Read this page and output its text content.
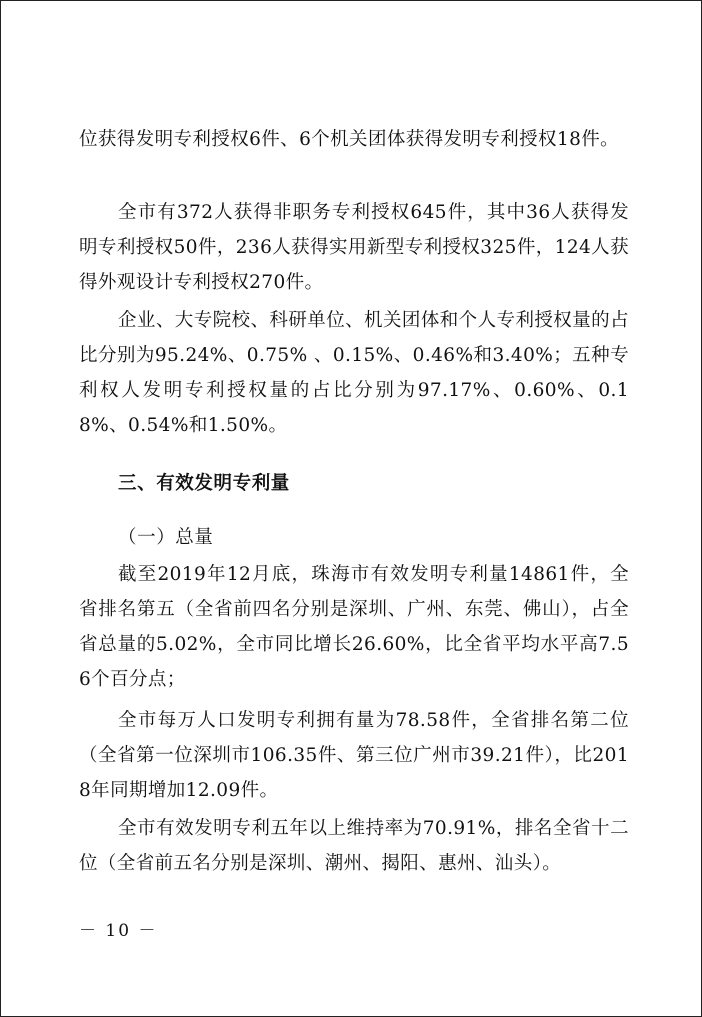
位获得发明专利授权6件、6个机关团体获得发明专利授权18件。
全市有372人获得非职务专利授权645件，其中36人获得发明专利授权50件，236人获得实用新型专利授权325件，124人获得外观设计专利授权270件。
企业、大专院校、科研单位、机关团体和个人专利授权量的占比分别为95.24%、0.75% 、0.15%、0.46%和3.40%；五种专利权人发明专利授权量的占比分别为97.17%、0.60%、0.18%、0.54%和1.50%。
三、有效发明专利量
（一）总量
截至2019年12月底，珠海市有效发明专利量14861件，全省排名第五（全省前四名分别是深圳、广州、东莞、佛山），占全省总量的5.02%，全市同比增长26.60%，比全省平均水平高7.56个百分点；
全市每万人口发明专利拥有量为78.58件，全省排名第二位（全省第一位深圳市106.35件、第三位广州市39.21件），比2018年同期增加12.09件。
全市有效发明专利五年以上维持率为70.91%，排名全省十二位（全省前五名分别是深圳、潮州、揭阳、惠州、汕头）。
－ 10 －
